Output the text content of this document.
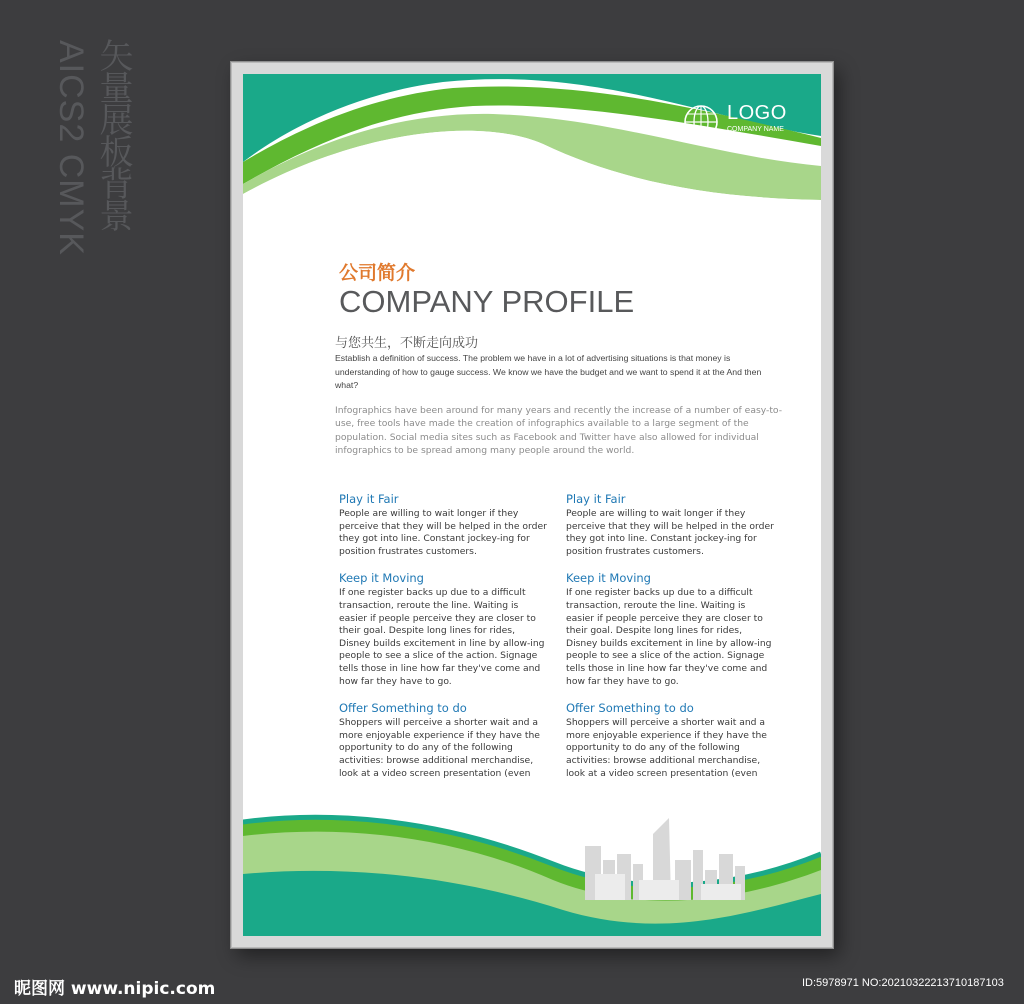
矢量展板背景
AICS2 CMYK	LOGO
COMPANY NAME
公司简介
COMPANY PROFILE
与您共生，不断走向成功
Establish a definition of success. The problem we have in a lot of advertising situations is that money is understanding of how to gauge success. We know we have the budget and we want to spend it at the And then what?
Infographics have been around for many years and recently the increase of a number of easy-to-use, free tools have made the creation of infographics available to a large segment of the population. Social media sites such as Facebook and Twitter have also allowed for individual infographics to be spread among many people around the world.
Play it Fair
People are willing to wait longer if they perceive that they will be helped in the order they got into line. Constant jockey-ing for position frustrates customers.
Keep it Moving
If one register backs up due to a difficult transaction, reroute the line. Waiting is easier if people perceive they are closer to their goal. Despite long lines for rides, Disney builds excitement in line by allow-ing people to see a slice of the action. Signage tells those in line how far they've come and how far they have to go.
Offer Something to do
Shoppers will perceive a shorter wait and a more enjoyable experience if they have the opportunity to do any of the following activities: browse additional merchandise, look at a video screen presentation (even
Play it Fair
People are willing to wait longer if they perceive that they will be helped in the order they got into line. Constant jockey-ing for position frustrates customers.
Keep it Moving
If one register backs up due to a difficult transaction, reroute the line. Waiting is easier if people perceive they are closer to their goal. Despite long lines for rides, Disney builds excitement in line by allow-ing people to see a slice of the action. Signage tells those in line how far they've come and how far they have to go.
Offer Something to do
Shoppers will perceive a shorter wait and a more enjoyable experience if they have the opportunity to do any of the following activities: browse additional merchandise, look at a video screen presentation (even
昵图网 www.nipic.com	ID:5978971 NO:20210322213710187103
